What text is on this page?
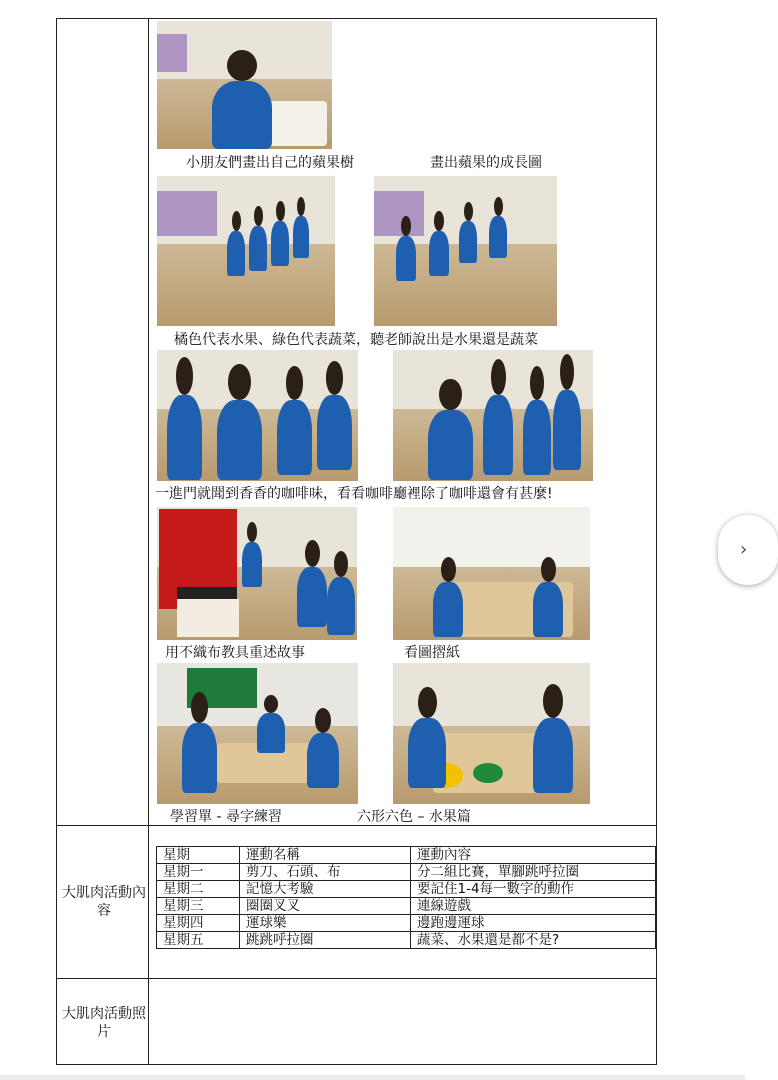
小朋友們畫出自己的蘋果樹	畫出蘋果的成長圖
橘色代表水果、綠色代表蔬菜，聽老師說出是水果還是蔬菜
一進門就聞到香香的咖啡味，看看咖啡廳裡除了咖啡還會有甚麼!
用不織布教具重述故事	看圖摺紙
學習單 - 尋字練習	六形六色 – 水果篇
大肌肉活動內容
星期	運動名稱	運動內容
星期一	剪刀、石頭、布	分二組比賽，單腳跳呼拉圈
星期二	記憶大考驗	要記住1-4每一數字的動作
星期三	圈圈叉叉	連線遊戲
星期四	運球樂	邊跑邊運球
星期五	跳跳呼拉圈	蔬菜、水果還是都不是?
大肌肉活動照片
›
